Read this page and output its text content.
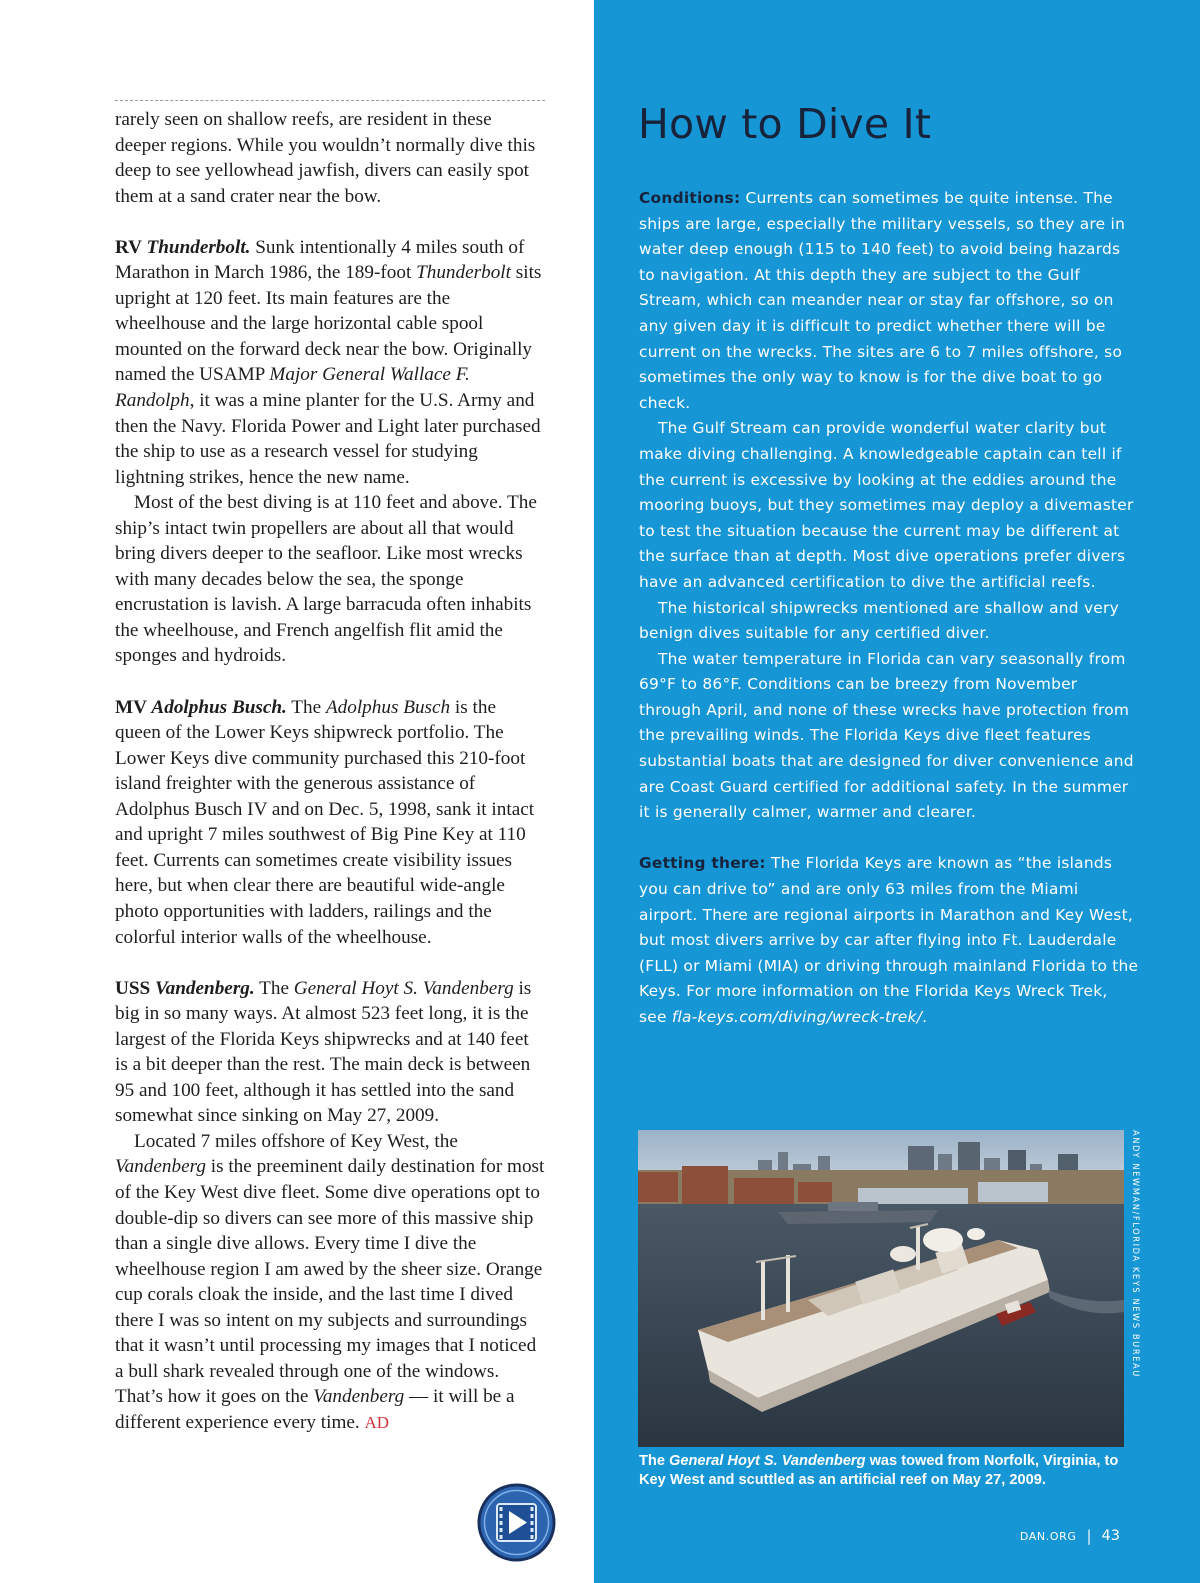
rarely seen on shallow reefs, are resident in these deeper regions. While you wouldn’t normally dive this deep to see yellowhead jawfish, divers can easily spot them at a sand crater near the bow.

RV Thunderbolt. Sunk intentionally 4 miles south of Marathon in March 1986, the 189-foot Thunderbolt sits upright at 120 feet. Its main features are the wheelhouse and the large horizontal cable spool mounted on the forward deck near the bow. Originally named the USAMP Major General Wallace F. Randolph, it was a mine planter for the U.S. Army and then the Navy. Florida Power and Light later purchased the ship to use as a research vessel for studying lightning strikes, hence the new name.

Most of the best diving is at 110 feet and above. The ship’s intact twin propellers are about all that would bring divers deeper to the seafloor. Like most wrecks with many decades below the sea, the sponge encrustation is lavish. A large barracuda often inhabits the wheelhouse, and French angelfish flit amid the sponges and hydroids.

MV Adolphus Busch. The Adolphus Busch is the queen of the Lower Keys shipwreck portfolio. The Lower Keys dive community purchased this 210-foot island freighter with the generous assistance of Adolphus Busch IV and on Dec. 5, 1998, sank it intact and upright 7 miles southwest of Big Pine Key at 110 feet. Currents can sometimes create visibility issues here, but when clear there are beautiful wide-angle photo opportunities with ladders, railings and the colorful interior walls of the wheelhouse.

USS Vandenberg. The General Hoyt S. Vandenberg is big in so many ways. At almost 523 feet long, it is the largest of the Florida Keys shipwrecks and at 140 feet is a bit deeper than the rest. The main deck is between 95 and 100 feet, although it has settled into the sand somewhat since sinking on May 27, 2009.

Located 7 miles offshore of Key West, the Vandenberg is the preeminent daily destination for most of the Key West dive fleet. Some dive operations opt to double-dip so divers can see more of this massive ship than a single dive allows. Every time I dive the wheelhouse region I am awed by the sheer size. Orange cup corals cloak the inside, and the last time I dived there I was so intent on my subjects and surroundings that it wasn’t until processing my images that I noticed a bull shark revealed through one of the windows. That’s how it goes on the Vandenberg — it will be a different experience every time. AD

How to Dive It

Conditions: Currents can sometimes be quite intense. The ships are large, especially the military vessels, so they are in water deep enough (115 to 140 feet) to avoid being hazards to navigation. At this depth they are subject to the Gulf Stream, which can meander near or stay far offshore, so on any given day it is difficult to predict whether there will be current on the wrecks. The sites are 6 to 7 miles offshore, so sometimes the only way to know is for the dive boat to go check.

The Gulf Stream can provide wonderful water clarity but make diving challenging. A knowledgeable captain can tell if the current is excessive by looking at the eddies around the mooring buoys, but they sometimes may deploy a divemaster to test the situation because the current may be different at the surface than at depth. Most dive operations prefer divers have an advanced certification to dive the artificial reefs.

The historical shipwrecks mentioned are shallow and very benign dives suitable for any certified diver.

The water temperature in Florida can vary seasonally from 69°F to 86°F. Conditions can be breezy from November through April, and none of these wrecks have protection from the prevailing winds. The Florida Keys dive fleet features substantial boats that are designed for diver convenience and are Coast Guard certified for additional safety. In the summer it is generally calmer, warmer and clearer.

Getting there: The Florida Keys are known as “the islands you can drive to” and are only 63 miles from the Miami airport. There are regional airports in Marathon and Key West, but most divers arrive by car after flying into Ft. Lauderdale (FLL) or Miami (MIA) or driving through mainland Florida to the Keys. For more information on the Florida Keys Wreck Trek, see fla-keys.com/diving/wreck-trek/.

ANDY NEWMAN/FLORIDA KEYS NEWS BUREAU
The General Hoyt S. Vandenberg was towed from Norfolk, Virginia, to Key West and scuttled as an artificial reef on May 27, 2009.
DAN.ORG | 43
